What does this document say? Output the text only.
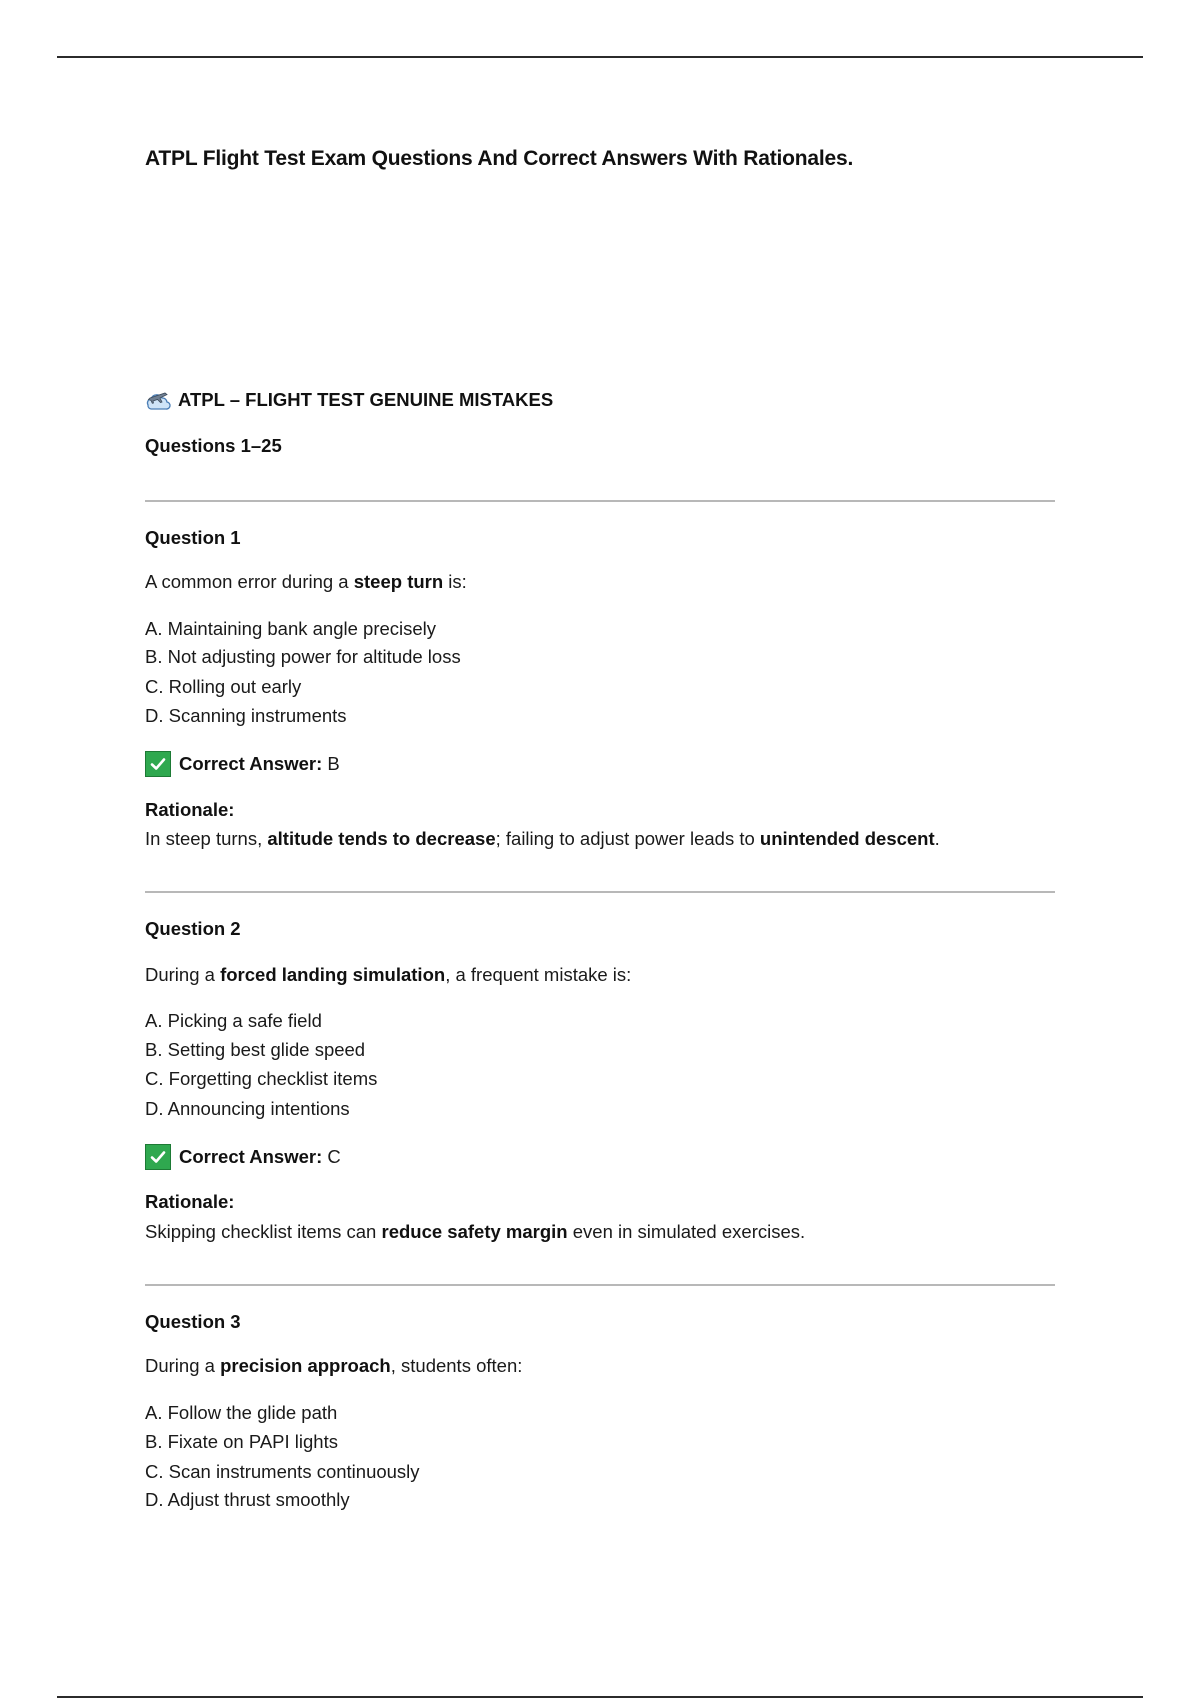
ATPL Flight Test Exam Questions And Correct Answers With Rationales.
ATPL – FLIGHT TEST GENUINE MISTAKES
Questions 1–25
Question 1
A common error during a steep turn is:
A. Maintaining bank angle precisely
B. Not adjusting power for altitude loss
C. Rolling out early
D. Scanning instruments
Correct Answer: B
Rationale:
In steep turns, altitude tends to decrease; failing to adjust power leads to unintended descent.
Question 2
During a forced landing simulation, a frequent mistake is:
A. Picking a safe field
B. Setting best glide speed
C. Forgetting checklist items
D. Announcing intentions
Correct Answer: C
Rationale:
Skipping checklist items can reduce safety margin even in simulated exercises.
Question 3
During a precision approach, students often:
A. Follow the glide path
B. Fixate on PAPI lights
C. Scan instruments continuously
D. Adjust thrust smoothly
